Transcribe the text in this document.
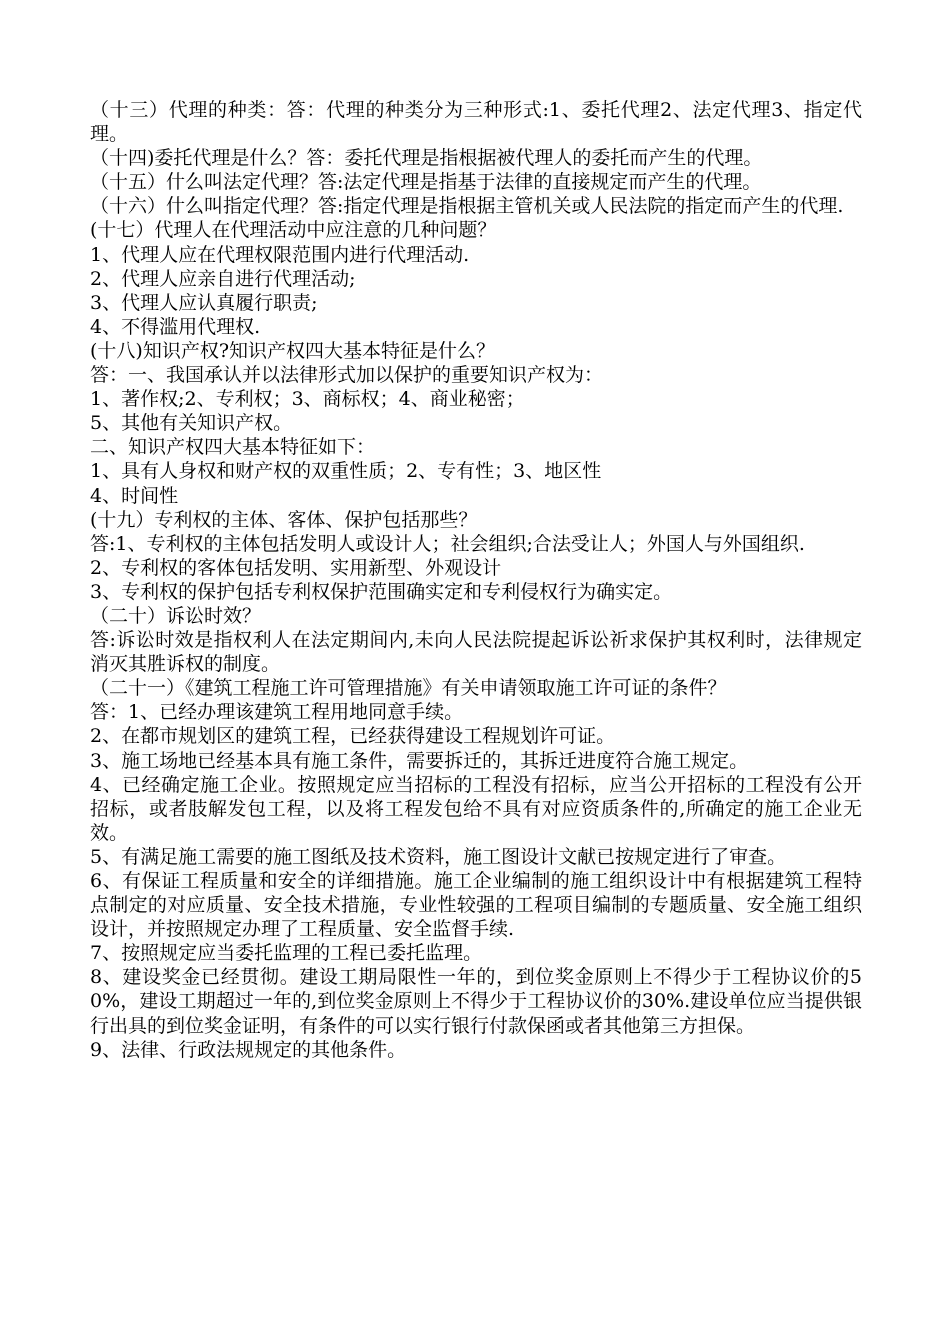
（十三）代理的种类：答：代理的种类分为三种形式:1、委托代理2、法定代理3、指定代理。

（十四)委托代理是什么？答：委托代理是指根据被代理人的委托而产生的代理。

（十五）什么叫法定代理？答:法定代理是指基于法律的直接规定而产生的代理。

（十六）什么叫指定代理？答:指定代理是指根据主管机关或人民法院的指定而产生的代理.

(十七）代理人在代理活动中应注意的几种问题？

1、代理人应在代理权限范围内进行代理活动.

2、代理人应亲自进行代理活动;

3、代理人应认真履行职责;

4、不得滥用代理权.

(十八)知识产权?知识产权四大基本特征是什么？

答：一、我国承认并以法律形式加以保护的重要知识产权为：

1、著作权;2、专利权；3、商标权；4、商业秘密；

5、其他有关知识产权。

二、知识产权四大基本特征如下：

1、具有人身权和财产权的双重性质；2、专有性；3、地区性

4、时间性

(十九）专利权的主体、客体、保护包括那些？

答:1、专利权的主体包括发明人或设计人；社会组织;合法受让人；外国人与外国组织.

2、专利权的客体包括发明、实用新型、外观设计

3、专利权的保护包括专利权保护范围确实定和专利侵权行为确实定。

（二十）诉讼时效？

答:诉讼时效是指权利人在法定期间内,未向人民法院提起诉讼祈求保护其权利时，法律规定消灭其胜诉权的制度。

（二十一）《建筑工程施工许可管理措施》有关申请领取施工许可证的条件？

答：1、已经办理该建筑工程用地同意手续。

2、在都市规划区的建筑工程，已经获得建设工程规划许可证。

3、施工场地已经基本具有施工条件，需要拆迁的，其拆迁进度符合施工规定。

4、已经确定施工企业。按照规定应当招标的工程没有招标，应当公开招标的工程没有公开招标，或者肢解发包工程，以及将工程发包给不具有对应资质条件的,所确定的施工企业无效。

5、有满足施工需要的施工图纸及技术资料，施工图设计文献已按规定进行了审查。

6、有保证工程质量和安全的详细措施。施工企业编制的施工组织设计中有根据建筑工程特点制定的对应质量、安全技术措施，专业性较强的工程项目编制的专题质量、安全施工组织设计，并按照规定办理了工程质量、安全监督手续.

7、按照规定应当委托监理的工程已委托监理。

8、建设奖金已经贯彻。建设工期局限性一年的，到位奖金原则上不得少于工程协议价的50%，建设工期超过一年的,到位奖金原则上不得少于工程协议价的30%.建设单位应当提供银行出具的到位奖金证明，有条件的可以实行银行付款保函或者其他第三方担保。

9、法律、行政法规规定的其他条件。
